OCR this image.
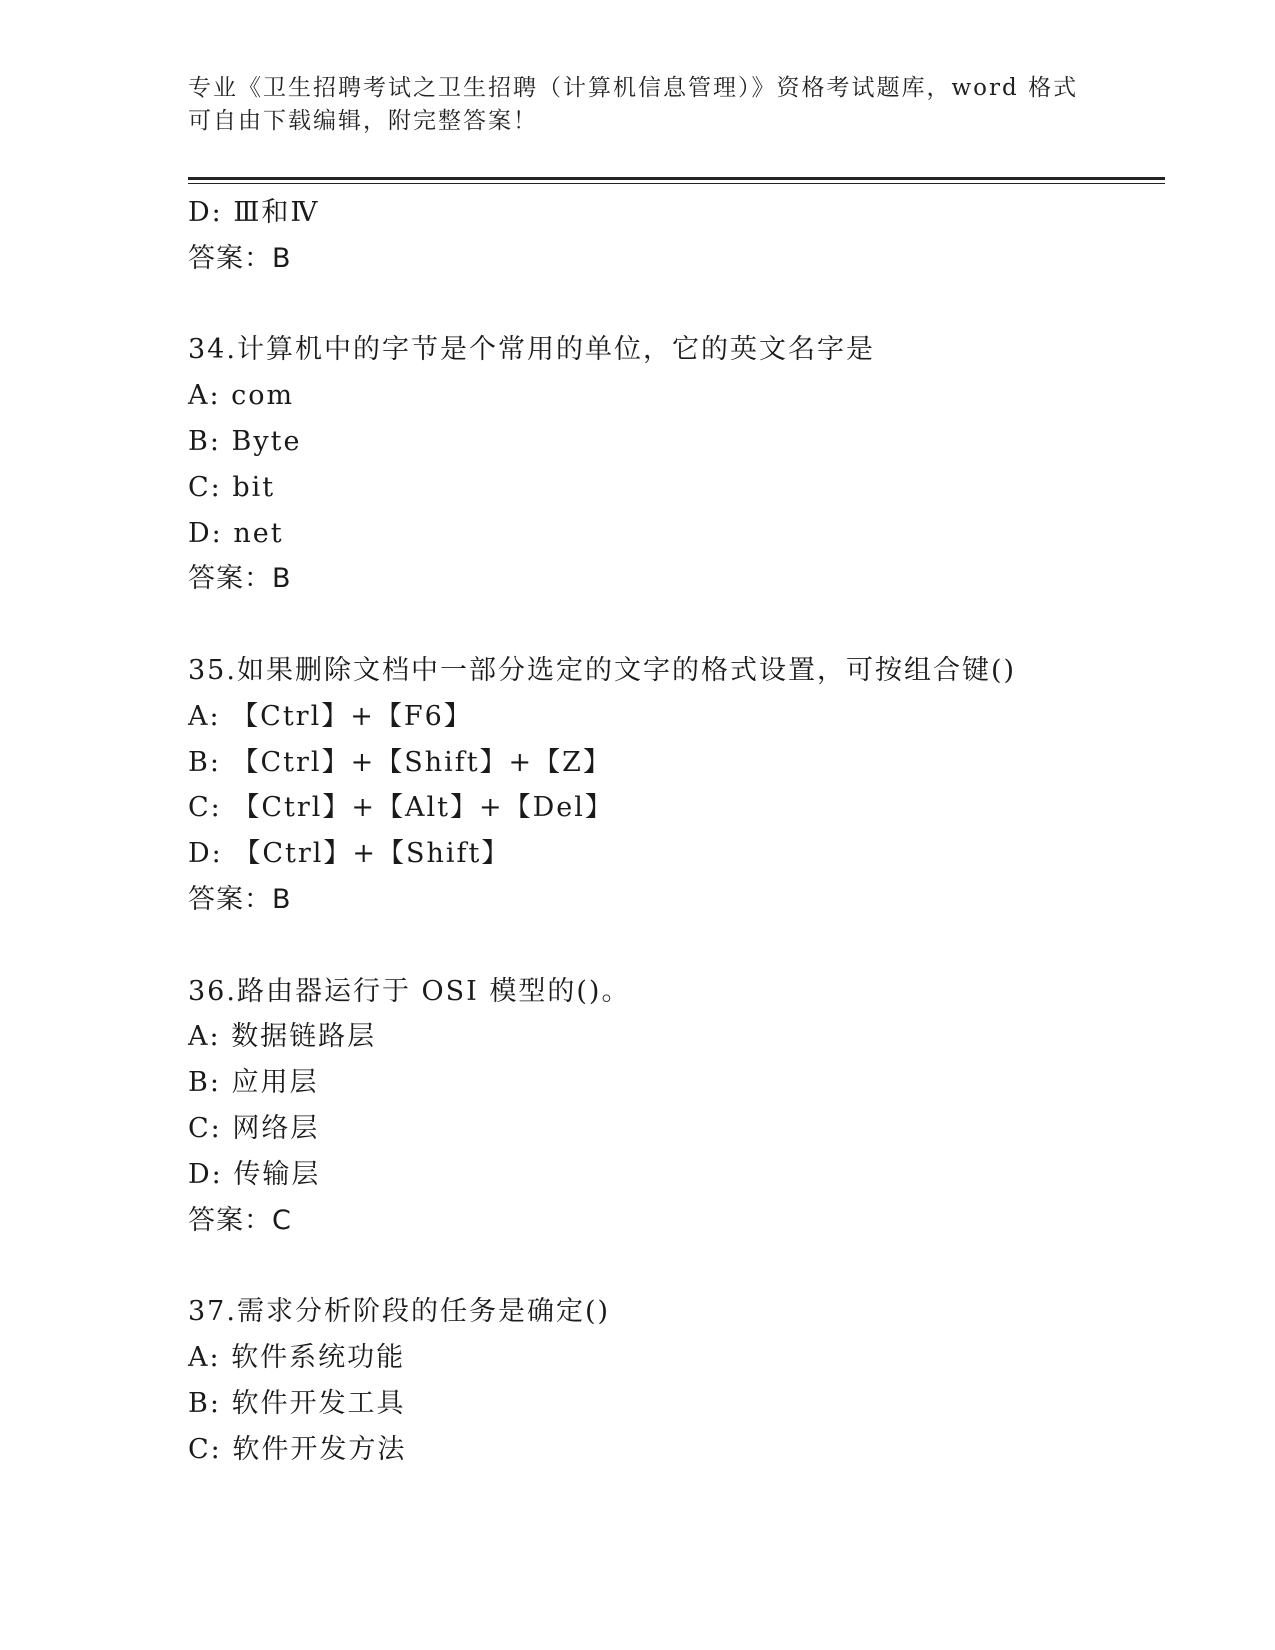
专业《卫生招聘考试之卫生招聘（计算机信息管理）》资格考试题库，word 格式
可自由下载编辑，附完整答案！
D: Ⅲ和Ⅳ
答案：B
34.计算机中的字节是个常用的单位，它的英文名字是
A: com
B: Byte
C: bit
D: net
答案：B
35.如果删除文档中一部分选定的文字的格式设置，可按组合键()
A: 【Ctrl】+【F6】
B: 【Ctrl】+【Shift】+【Z】
C: 【Ctrl】+【Alt】+【Del】
D: 【Ctrl】+【Shift】
答案：B
36.路由器运行于 OSI 模型的()。
A: 数据链路层
B: 应用层
C: 网络层
D: 传输层
答案：C
37.需求分析阶段的任务是确定()
A: 软件系统功能
B: 软件开发工具
C: 软件开发方法
